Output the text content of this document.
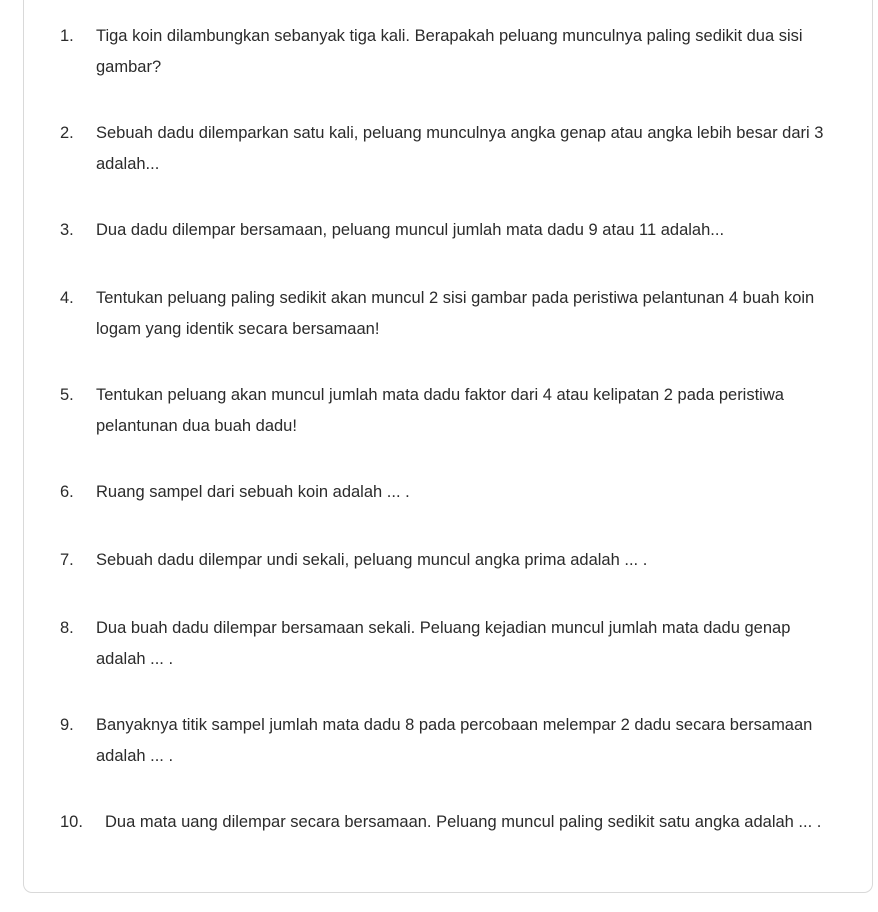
1. Tiga koin dilambungkan sebanyak tiga kali. Berapakah peluang munculnya paling sedikit dua sisi gambar?
2. Sebuah dadu dilemparkan satu kali, peluang munculnya angka genap atau angka lebih besar dari 3 adalah...
3. Dua dadu dilempar bersamaan, peluang muncul jumlah mata dadu 9 atau 11 adalah...
4. Tentukan peluang paling sedikit akan muncul 2 sisi gambar pada peristiwa pelantunan 4 buah koin logam yang identik secara bersamaan!
5. Tentukan peluang akan muncul jumlah mata dadu faktor dari 4 atau kelipatan 2 pada peristiwa pelantunan dua buah dadu!
6. Ruang sampel dari sebuah koin adalah ... .
7. Sebuah dadu dilempar undi sekali, peluang muncul angka prima adalah ... .
8. Dua buah dadu dilempar bersamaan sekali. Peluang kejadian muncul jumlah mata dadu genap adalah ... .
9. Banyaknya titik sampel jumlah mata dadu 8 pada percobaan melempar 2 dadu secara bersamaan adalah ... .
10. Dua mata uang dilempar secara bersamaan. Peluang muncul paling sedikit satu angka adalah ... .
